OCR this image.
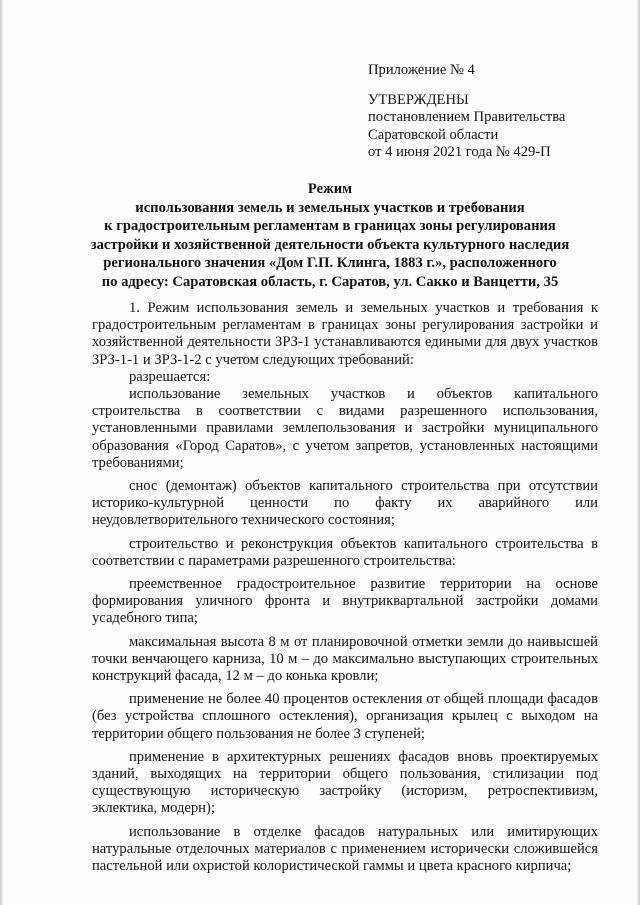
Приложение № 4
УТВЕРЖДЕНЫ
постановлением Правительства
Саратовской области
от 4 июня 2021 года № 429-П
Режим
использования земель и земельных участков и требования
к градостроительным регламентам в границах зоны регулирования
застройки и хозяйственной деятельности объекта культурного наследия
регионального значения «Дом Г.П. Клинга, 1883 г.», расположенного
по адресу: Саратовская область, г. Саратов, ул. Сакко и Ванцетти, 35

1. Режим использования земель и земельных участков и требования к градостроительным регламентам в границах зоны регулирования застройки и хозяйственной деятельности ЗРЗ-1 устанавливаются едиными для двух участков ЗРЗ-1-1 и ЗРЗ-1-2 с учетом следующих требований:

разрешается:

использование земельных участков и объектов капитального строительства в соответствии с видами разрешенного использования, установленными правилами землепользования и застройки муниципального образования «Город Саратов», с учетом запретов, установленных настоящими требованиями;

снос (демонтаж) объектов капитального строительства при отсутствии историко-культурной ценности по факту их аварийного или неудовлетворительного технического состояния;

строительство и реконструкция объектов капитального строительства в соответствии с параметрами разрешенного строительства:

преемственное градостроительное развитие территории на основе формирования уличного фронта и внутриквартальной застройки домами усадебного типа;

максимальная высота 8 м от планировочной отметки земли до наивысшей точки венчающего карниза, 10 м – до максимально выступающих строительных конструкций фасада, 12 м – до конька кровли;

применение не более 40 процентов остекления от общей площади фасадов (без устройства сплошного остекления), организация крылец с выходом на территории общего пользования не более 3 ступеней;

применение в архитектурных решениях фасадов вновь проектируемых зданий, выходящих на территории общего пользования, стилизации под существующую историческую застройку (историзм, ретроспективизм, эклектика, модерн);

использование в отделке фасадов натуральных или имитирующих натуральные отделочных материалов с применением исторически сложившейся пастельной или охристой колористической гаммы и цвета красного кирпича;
